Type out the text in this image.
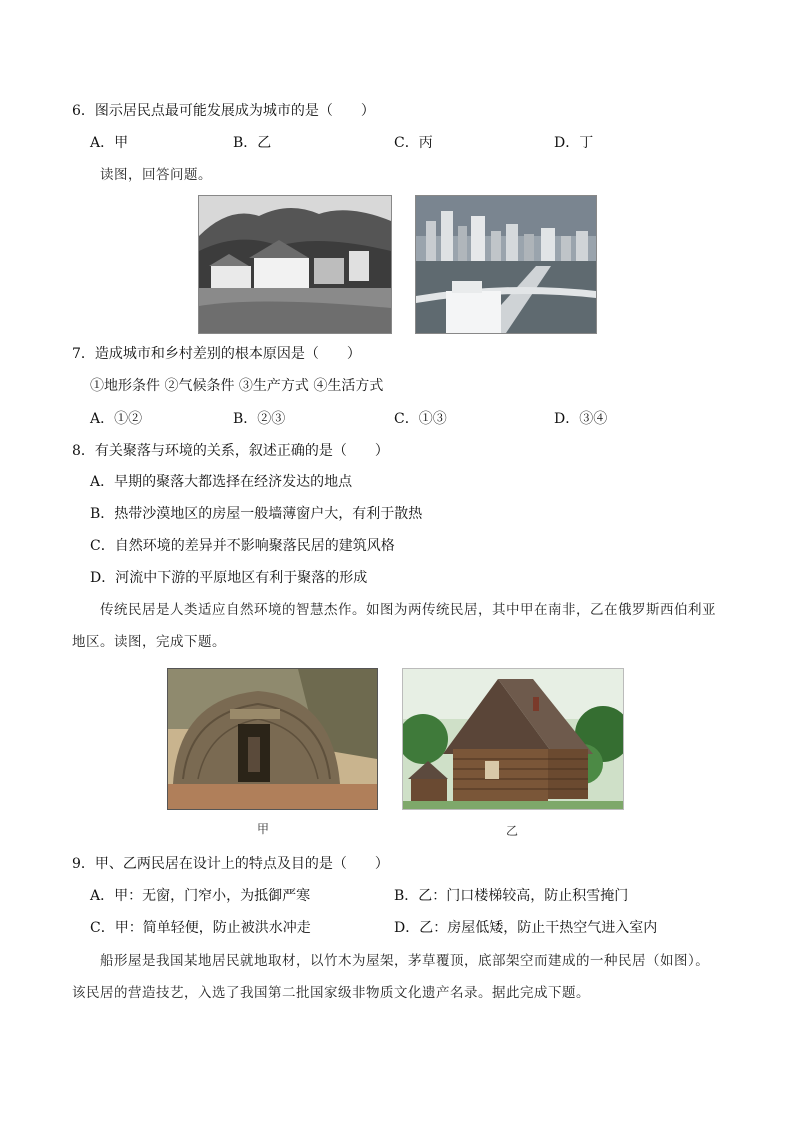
6．图示居民点最可能发展成为城市的是（　　）
A．甲	B．乙	C．丙	D．丁
读图，回答问题。
7．造成城市和乡村差别的根本原因是（　　）
①地形条件 ②气候条件 ③生产方式 ④生活方式
A．①②	B．②③	C．①③	D．③④
8．有关聚落与环境的关系，叙述正确的是（　　）
A．早期的聚落大都选择在经济发达的地点
B．热带沙漠地区的房屋一般墙薄窗户大，有利于散热
C．自然环境的差异并不影响聚落民居的建筑风格
D．河流中下游的平原地区有利于聚落的形成
传统民居是人类适应自然环境的智慧杰作。如图为两传统民居，其中甲在南非，乙在俄罗斯西伯利亚
地区。读图，完成下题。
甲	乙
9．甲、乙两民居在设计上的特点及目的是（　　）
A．甲：无窗，门窄小，为抵御严寒	B．乙：门口楼梯较高，防止积雪掩门
C．甲：简单轻便，防止被洪水冲走	D．乙：房屋低矮，防止干热空气进入室内
船形屋是我国某地居民就地取材，以竹木为屋架，茅草覆顶，底部架空而建成的一种民居（如图）。
该民居的营造技艺，入选了我国第二批国家级非物质文化遗产名录。据此完成下题。
